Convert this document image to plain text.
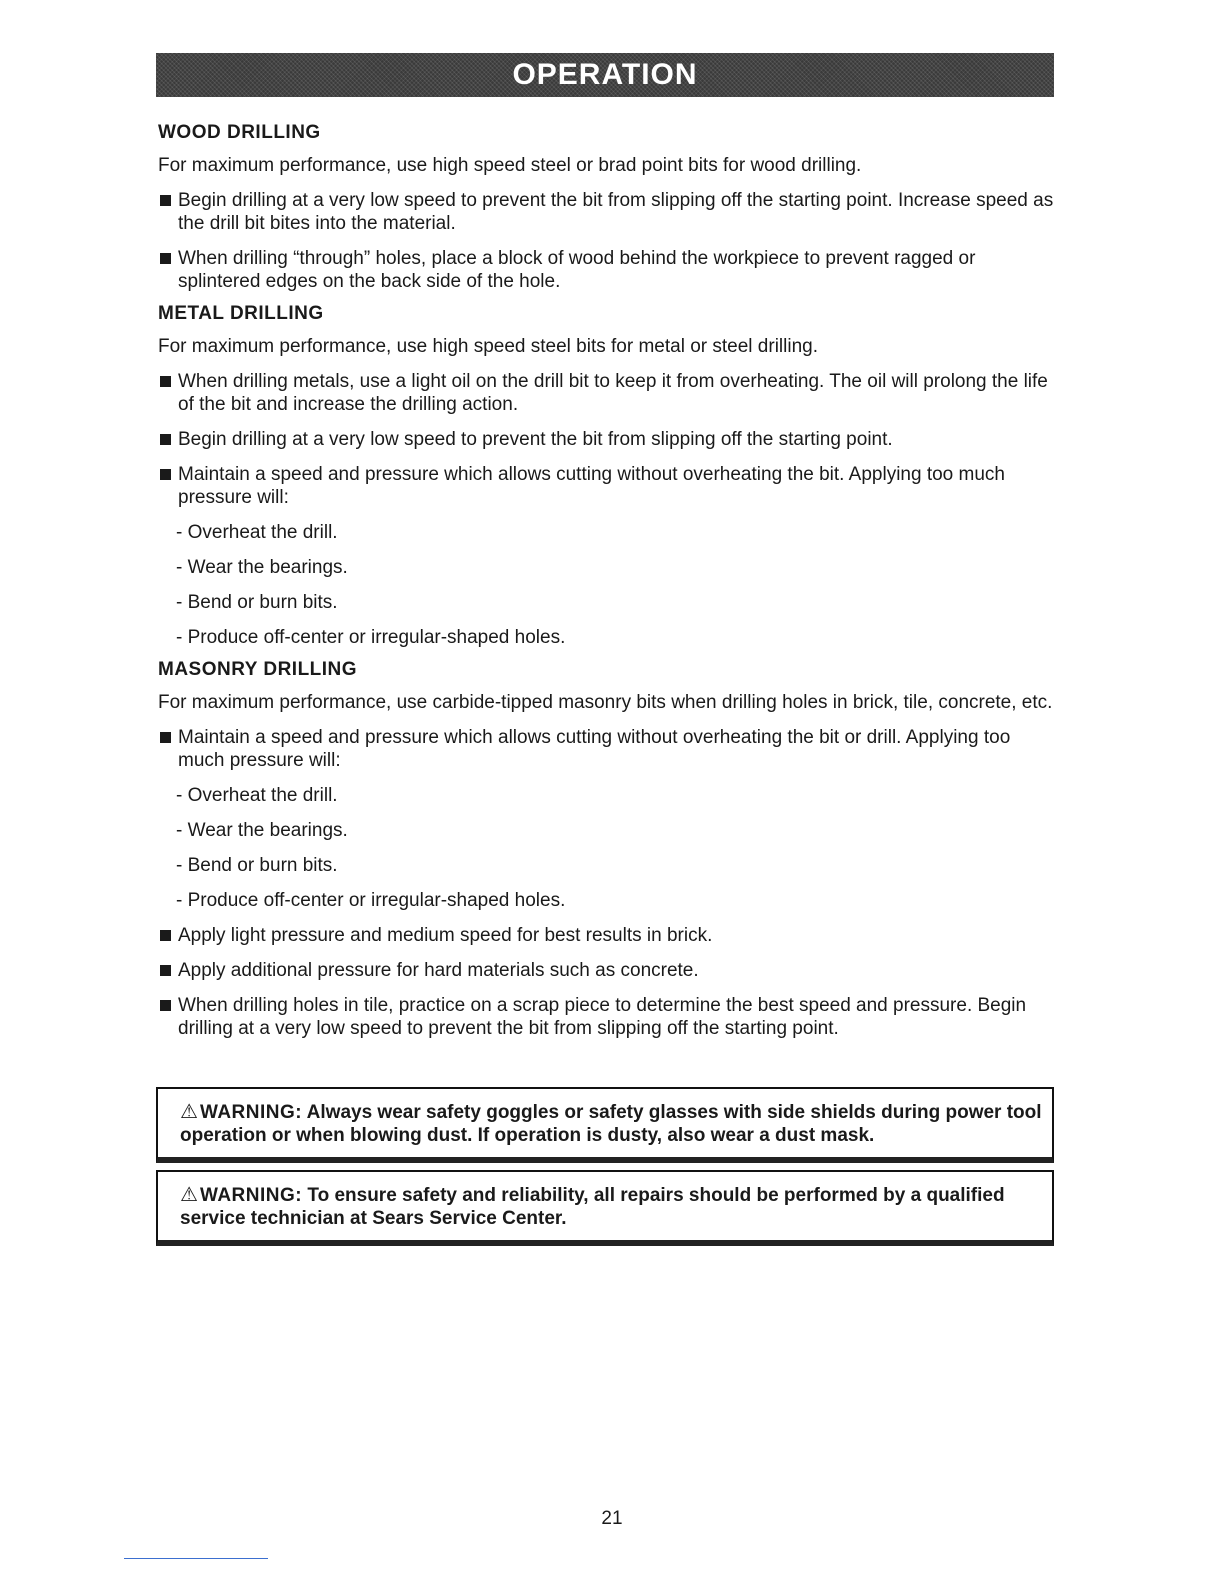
OPERATION
WOOD DRILLING

For maximum performance, use high speed steel or brad point bits for wood drilling.

Begin drilling at a very low speed to prevent the bit from slipping off the starting point. Increase speed as the drill bit bites into the material.
When drilling “through” holes, place a block of wood behind the workpiece to prevent ragged or splintered edges on the back side of the hole.
METAL DRILLING

For maximum performance, use high speed steel bits for metal or steel drilling.

When drilling metals, use a light oil on the drill bit to keep it from overheating. The oil will prolong the life of the bit and increase the drilling action.
Begin drilling at a very low speed to prevent the bit from slipping off the starting point.
Maintain a speed and pressure which allows cutting without overheating the bit. Applying too much pressure will:
- Overheat the drill.
- Wear the bearings.
- Bend or burn bits.
- Produce off-center or irregular-shaped holes.
MASONRY DRILLING

For maximum performance, use carbide-tipped masonry bits when drilling holes in brick, tile, concrete, etc.

Maintain a speed and pressure which allows cutting without overheating the bit or drill. Applying too much pressure will:
- Overheat the drill.
- Wear the bearings.
- Bend or burn bits.
- Produce off-center or irregular-shaped holes.
Apply light pressure and medium speed for best results in brick.
Apply additional pressure for hard materials such as concrete.
When drilling holes in tile, practice on a scrap piece to determine the best speed and pressure. Begin drilling at a very low speed to prevent the bit from slipping off the starting point.
⚠ WARNING: Always wear safety goggles or safety glasses with side shields during power tool operation or when blowing dust. If operation is dusty, also wear a dust mask.
⚠ WARNING: To ensure safety and reliability, all repairs should be performed by a qualified service technician at Sears Service Center.
21
